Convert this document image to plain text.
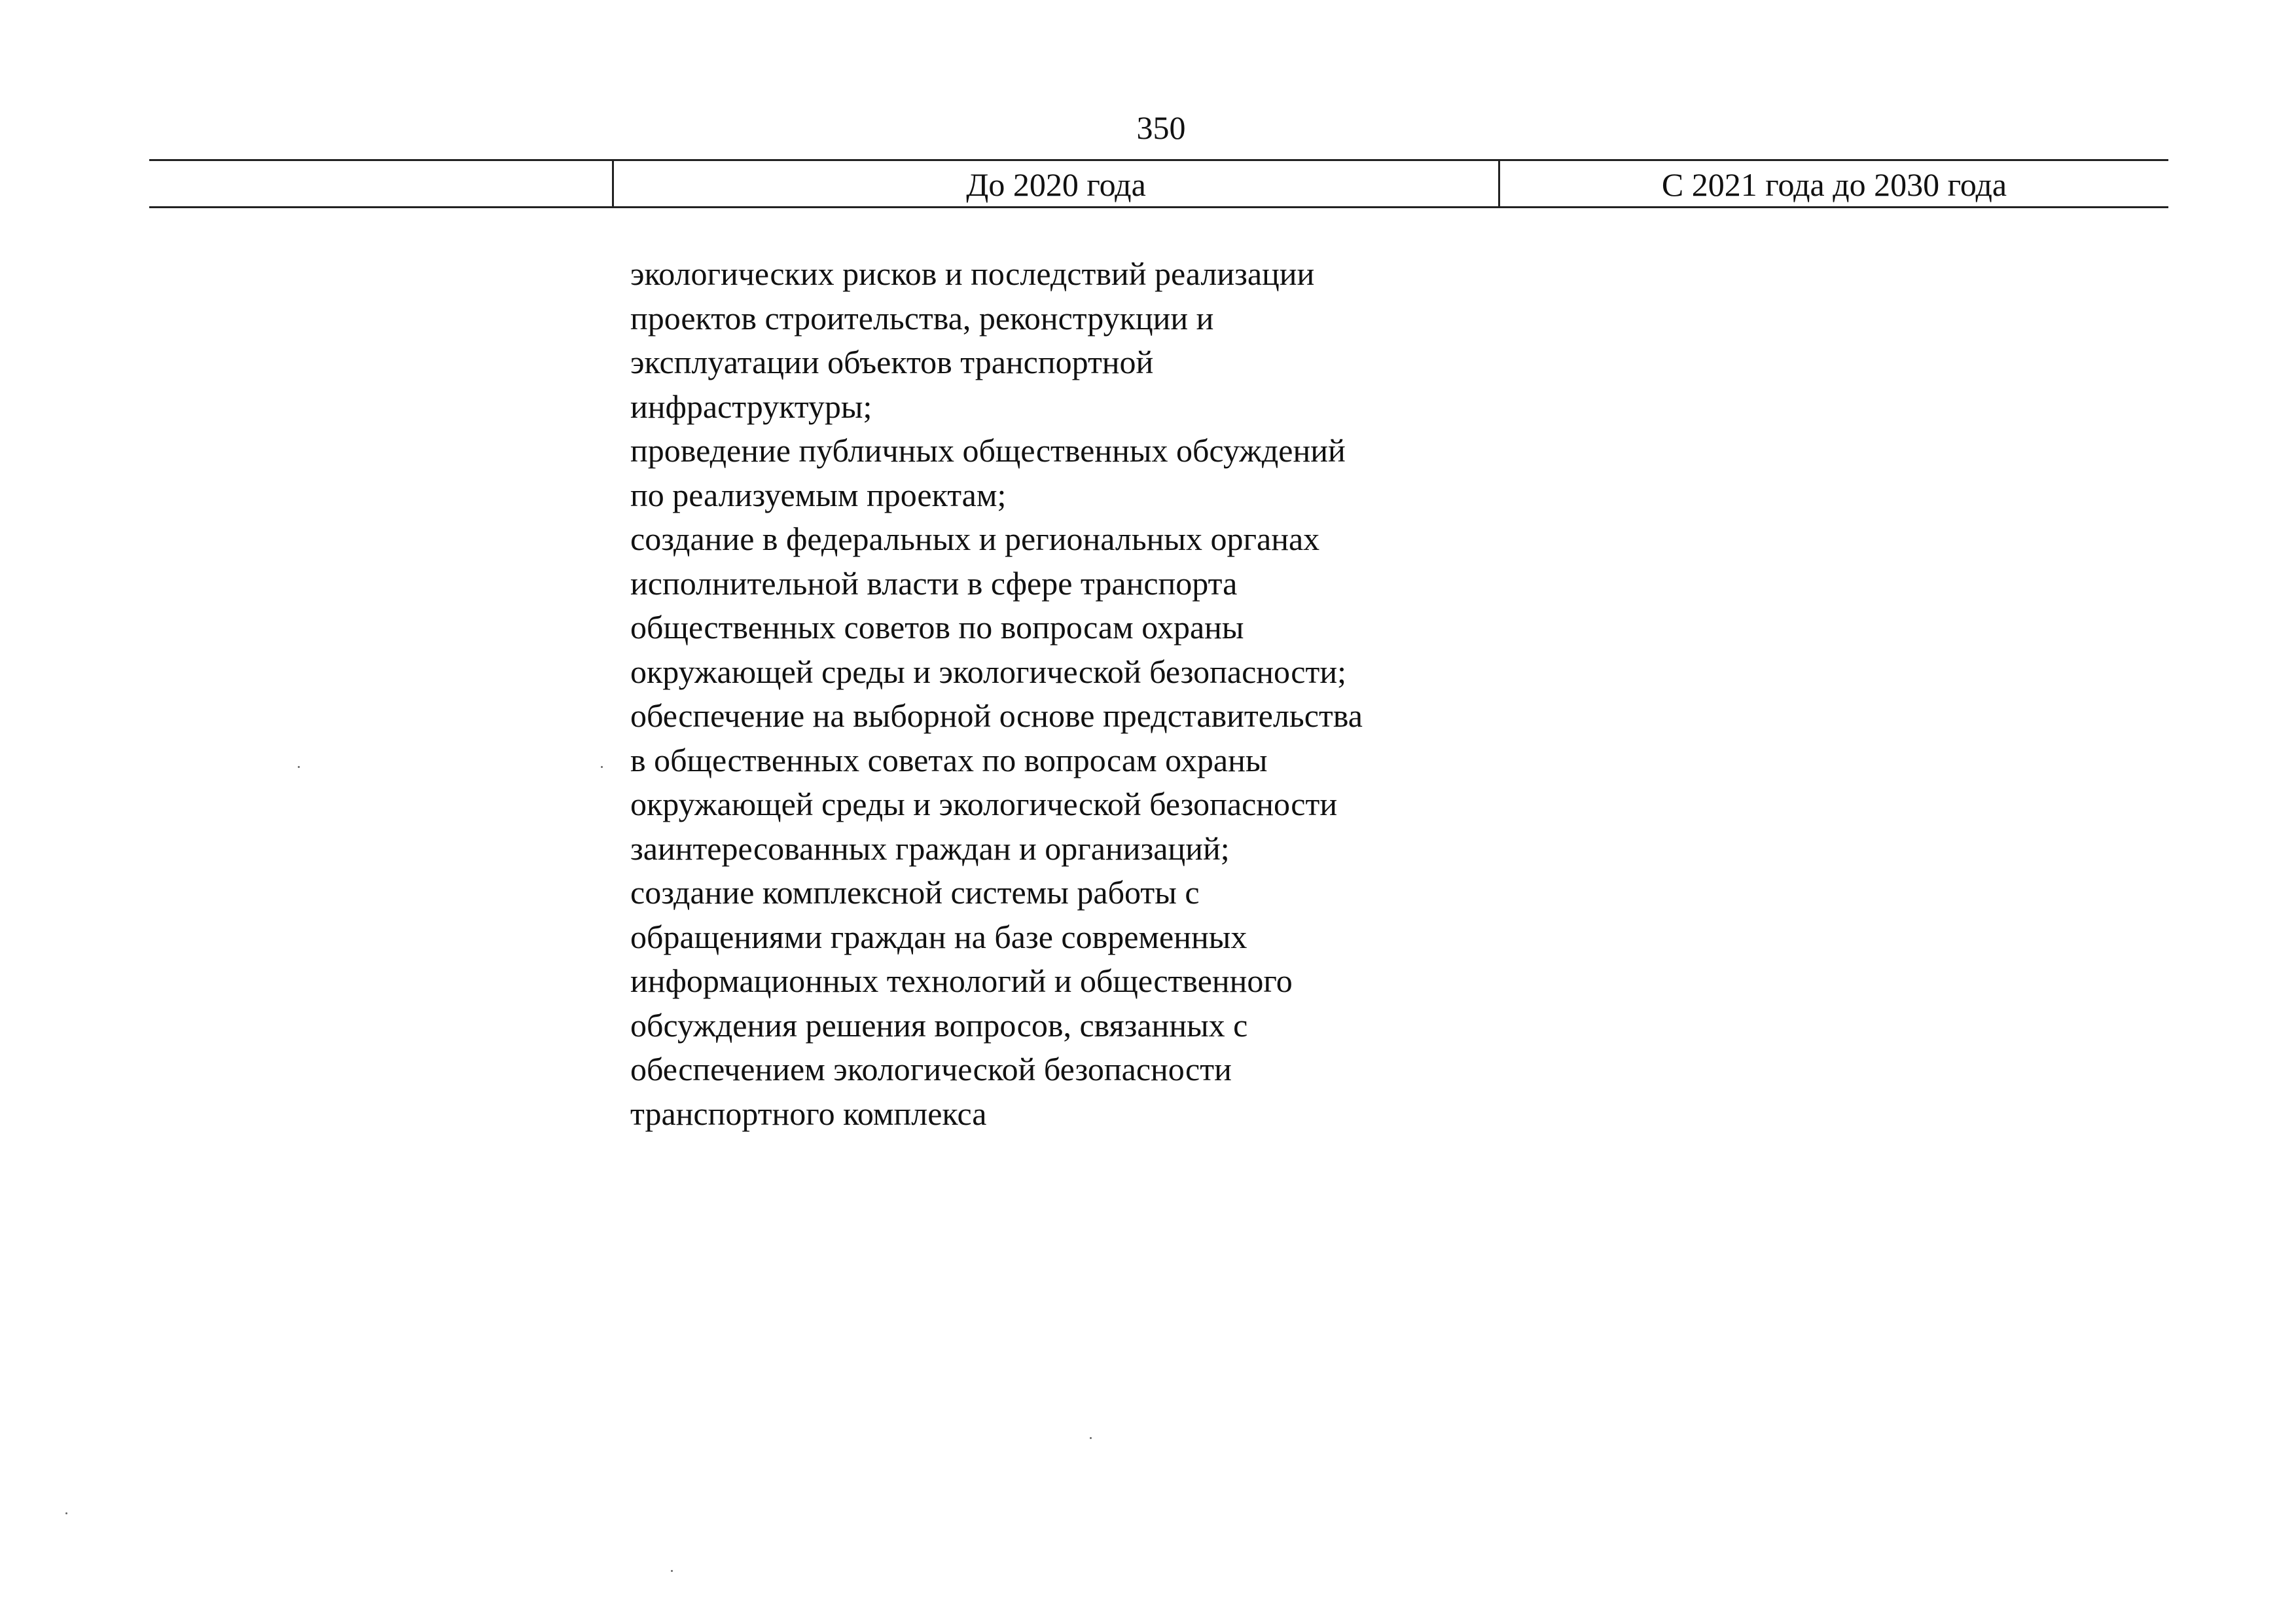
350
До 2020 года	С 2021 года до 2030 года
экологических рисков и последствий реализации
проектов строительства, реконструкции и
эксплуатации объектов транспортной
инфраструктуры;
проведение публичных общественных обсуждений
по реализуемым проектам;
создание в федеральных и региональных органах
исполнительной власти в сфере транспорта
общественных советов по вопросам охраны
окружающей среды и экологической безопасности;
обеспечение на выборной основе представительства
в общественных советах по вопросам охраны
окружающей среды и экологической безопасности
заинтересованных граждан и организаций;
создание комплексной системы работы с
обращениями граждан на базе современных
информационных технологий и общественного
обсуждения решения вопросов, связанных с
обеспечением экологической безопасности
транспортного комплекса
